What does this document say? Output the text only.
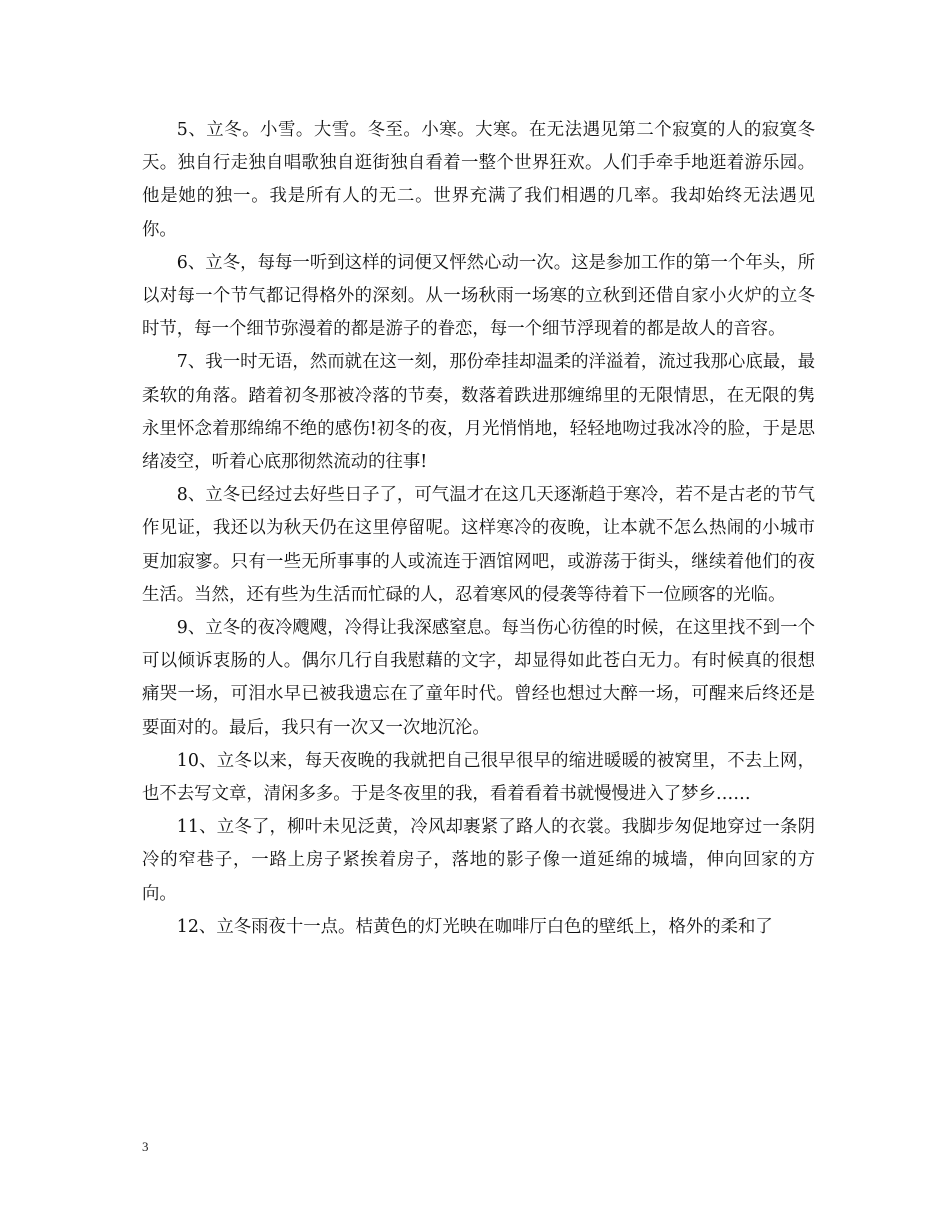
5、立冬。小雪。大雪。冬至。小寒。大寒。在无法遇见第二个寂寞的人的寂寞冬天。独自行走独自唱歌独自逛街独自看着一整个世界狂欢。人们手牵手地逛着游乐园。他是她的独一。我是所有人的无二。世界充满了我们相遇的几率。我却始终无法遇见你。

6、立冬，每每一听到这样的词便又怦然心动一次。这是参加工作的第一个年头，所以对每一个节气都记得格外的深刻。从一场秋雨一场寒的立秋到还借自家小火炉的立冬时节，每一个细节弥漫着的都是游子的眷恋，每一个细节浮现着的都是故人的音容。

7、我一时无语，然而就在这一刻，那份牵挂却温柔的洋溢着，流过我那心底最，最柔软的角落。踏着初冬那被冷落的节奏，数落着跌进那缠绵里的无限情思，在无限的隽永里怀念着那绵绵不绝的感伤!初冬的夜，月光悄悄地，轻轻地吻过我冰冷的脸，于是思绪凌空，听着心底那彻然流动的往事!

8、立冬已经过去好些日子了，可气温才在这几天逐渐趋于寒冷，若不是古老的节气作见证，我还以为秋天仍在这里停留呢。这样寒冷的夜晚，让本就不怎么热闹的小城市更加寂寥。只有一些无所事事的人或流连于酒馆网吧，或游荡于街头，继续着他们的夜生活。当然，还有些为生活而忙碌的人，忍着寒风的侵袭等待着下一位顾客的光临。

9、立冬的夜冷飕飕，冷得让我深感窒息。每当伤心彷徨的时候，在这里找不到一个可以倾诉衷肠的人。偶尔几行自我慰藉的文字，却显得如此苍白无力。有时候真的很想痛哭一场，可泪水早已被我遗忘在了童年时代。曾经也想过大醉一场，可醒来后终还是要面对的。最后，我只有一次又一次地沉沦。

10、立冬以来，每天夜晚的我就把自己很早很早的缩进暖暖的被窝里，不去上网，也不去写文章，清闲多多。于是冬夜里的我，看着看着书就慢慢进入了梦乡……

11、立冬了，柳叶未见泛黄，冷风却裹紧了路人的衣裳。我脚步匆促地穿过一条阴冷的窄巷子，一路上房子紧挨着房子，落地的影子像一道延绵的城墙，伸向回家的方向。

12、立冬雨夜十一点。桔黄色的灯光映在咖啡厅白色的壁纸上，格外的柔和了

3
